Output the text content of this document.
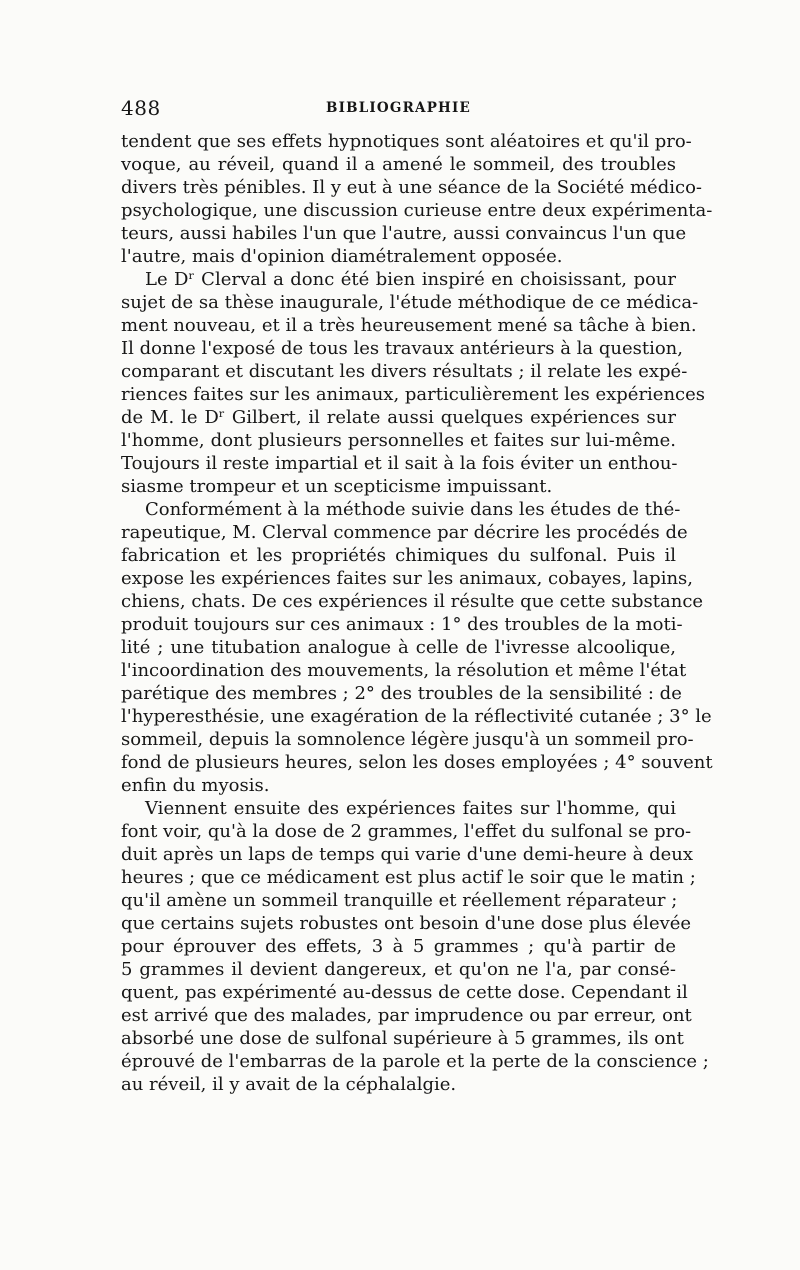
488	BIBLIOGRAPHIE
tendent que ses effets hypnotiques sont aléatoires et qu'il pro-
voque, au réveil, quand il a amené le sommeil, des troubles
divers très pénibles. Il y eut à une séance de la Société médico-
psychologique, une discussion curieuse entre deux expérimenta-
teurs, aussi habiles l'un que l'autre, aussi convaincus l'un que
l'autre, mais d'opinion diamétralement opposée.
Le Dʳ Clerval a donc été bien inspiré en choisissant, pour
sujet de sa thèse inaugurale, l'étude méthodique de ce médica-
ment nouveau, et il a très heureusement mené sa tâche à bien.
Il donne l'exposé de tous les travaux antérieurs à la question,
comparant et discutant les divers résultats ; il relate les expé-
riences faites sur les animaux, particulièrement les expériences
de M. le Dʳ Gilbert, il relate aussi quelques expériences sur
l'homme, dont plusieurs personnelles et faites sur lui-même.
Toujours il reste impartial et il sait à la fois éviter un enthou-
siasme trompeur et un scepticisme impuissant.
Conformément à la méthode suivie dans les études de thé-
rapeutique, M. Clerval commence par décrire les procédés de
fabrication et les propriétés chimiques du sulfonal. Puis il
expose les expériences faites sur les animaux, cobayes, lapins,
chiens, chats. De ces expériences il résulte que cette substance
produit toujours sur ces animaux : 1° des troubles de la moti-
lité ; une titubation analogue à celle de l'ivresse alcoolique,
l'incoordination des mouvements, la résolution et même l'état
parétique des membres ; 2° des troubles de la sensibilité : de
l'hyperesthésie, une exagération de la réflectivité cutanée ; 3° le
sommeil, depuis la somnolence légère jusqu'à un sommeil pro-
fond de plusieurs heures, selon les doses employées ; 4° souvent
enfin du myosis.
Viennent ensuite des expériences faites sur l'homme, qui
font voir, qu'à la dose de 2 grammes, l'effet du sulfonal se pro-
duit après un laps de temps qui varie d'une demi-heure à deux
heures ; que ce médicament est plus actif le soir que le matin ;
qu'il amène un sommeil tranquille et réellement réparateur ;
que certains sujets robustes ont besoin d'une dose plus élevée
pour éprouver des effets, 3 à 5 grammes ; qu'à partir de
5 grammes il devient dangereux, et qu'on ne l'a, par consé-
quent, pas expérimenté au-dessus de cette dose. Cependant il
est arrivé que des malades, par imprudence ou par erreur, ont
absorbé une dose de sulfonal supérieure à 5 grammes, ils ont
éprouvé de l'embarras de la parole et la perte de la conscience ;
au réveil, il y avait de la céphalalgie.
